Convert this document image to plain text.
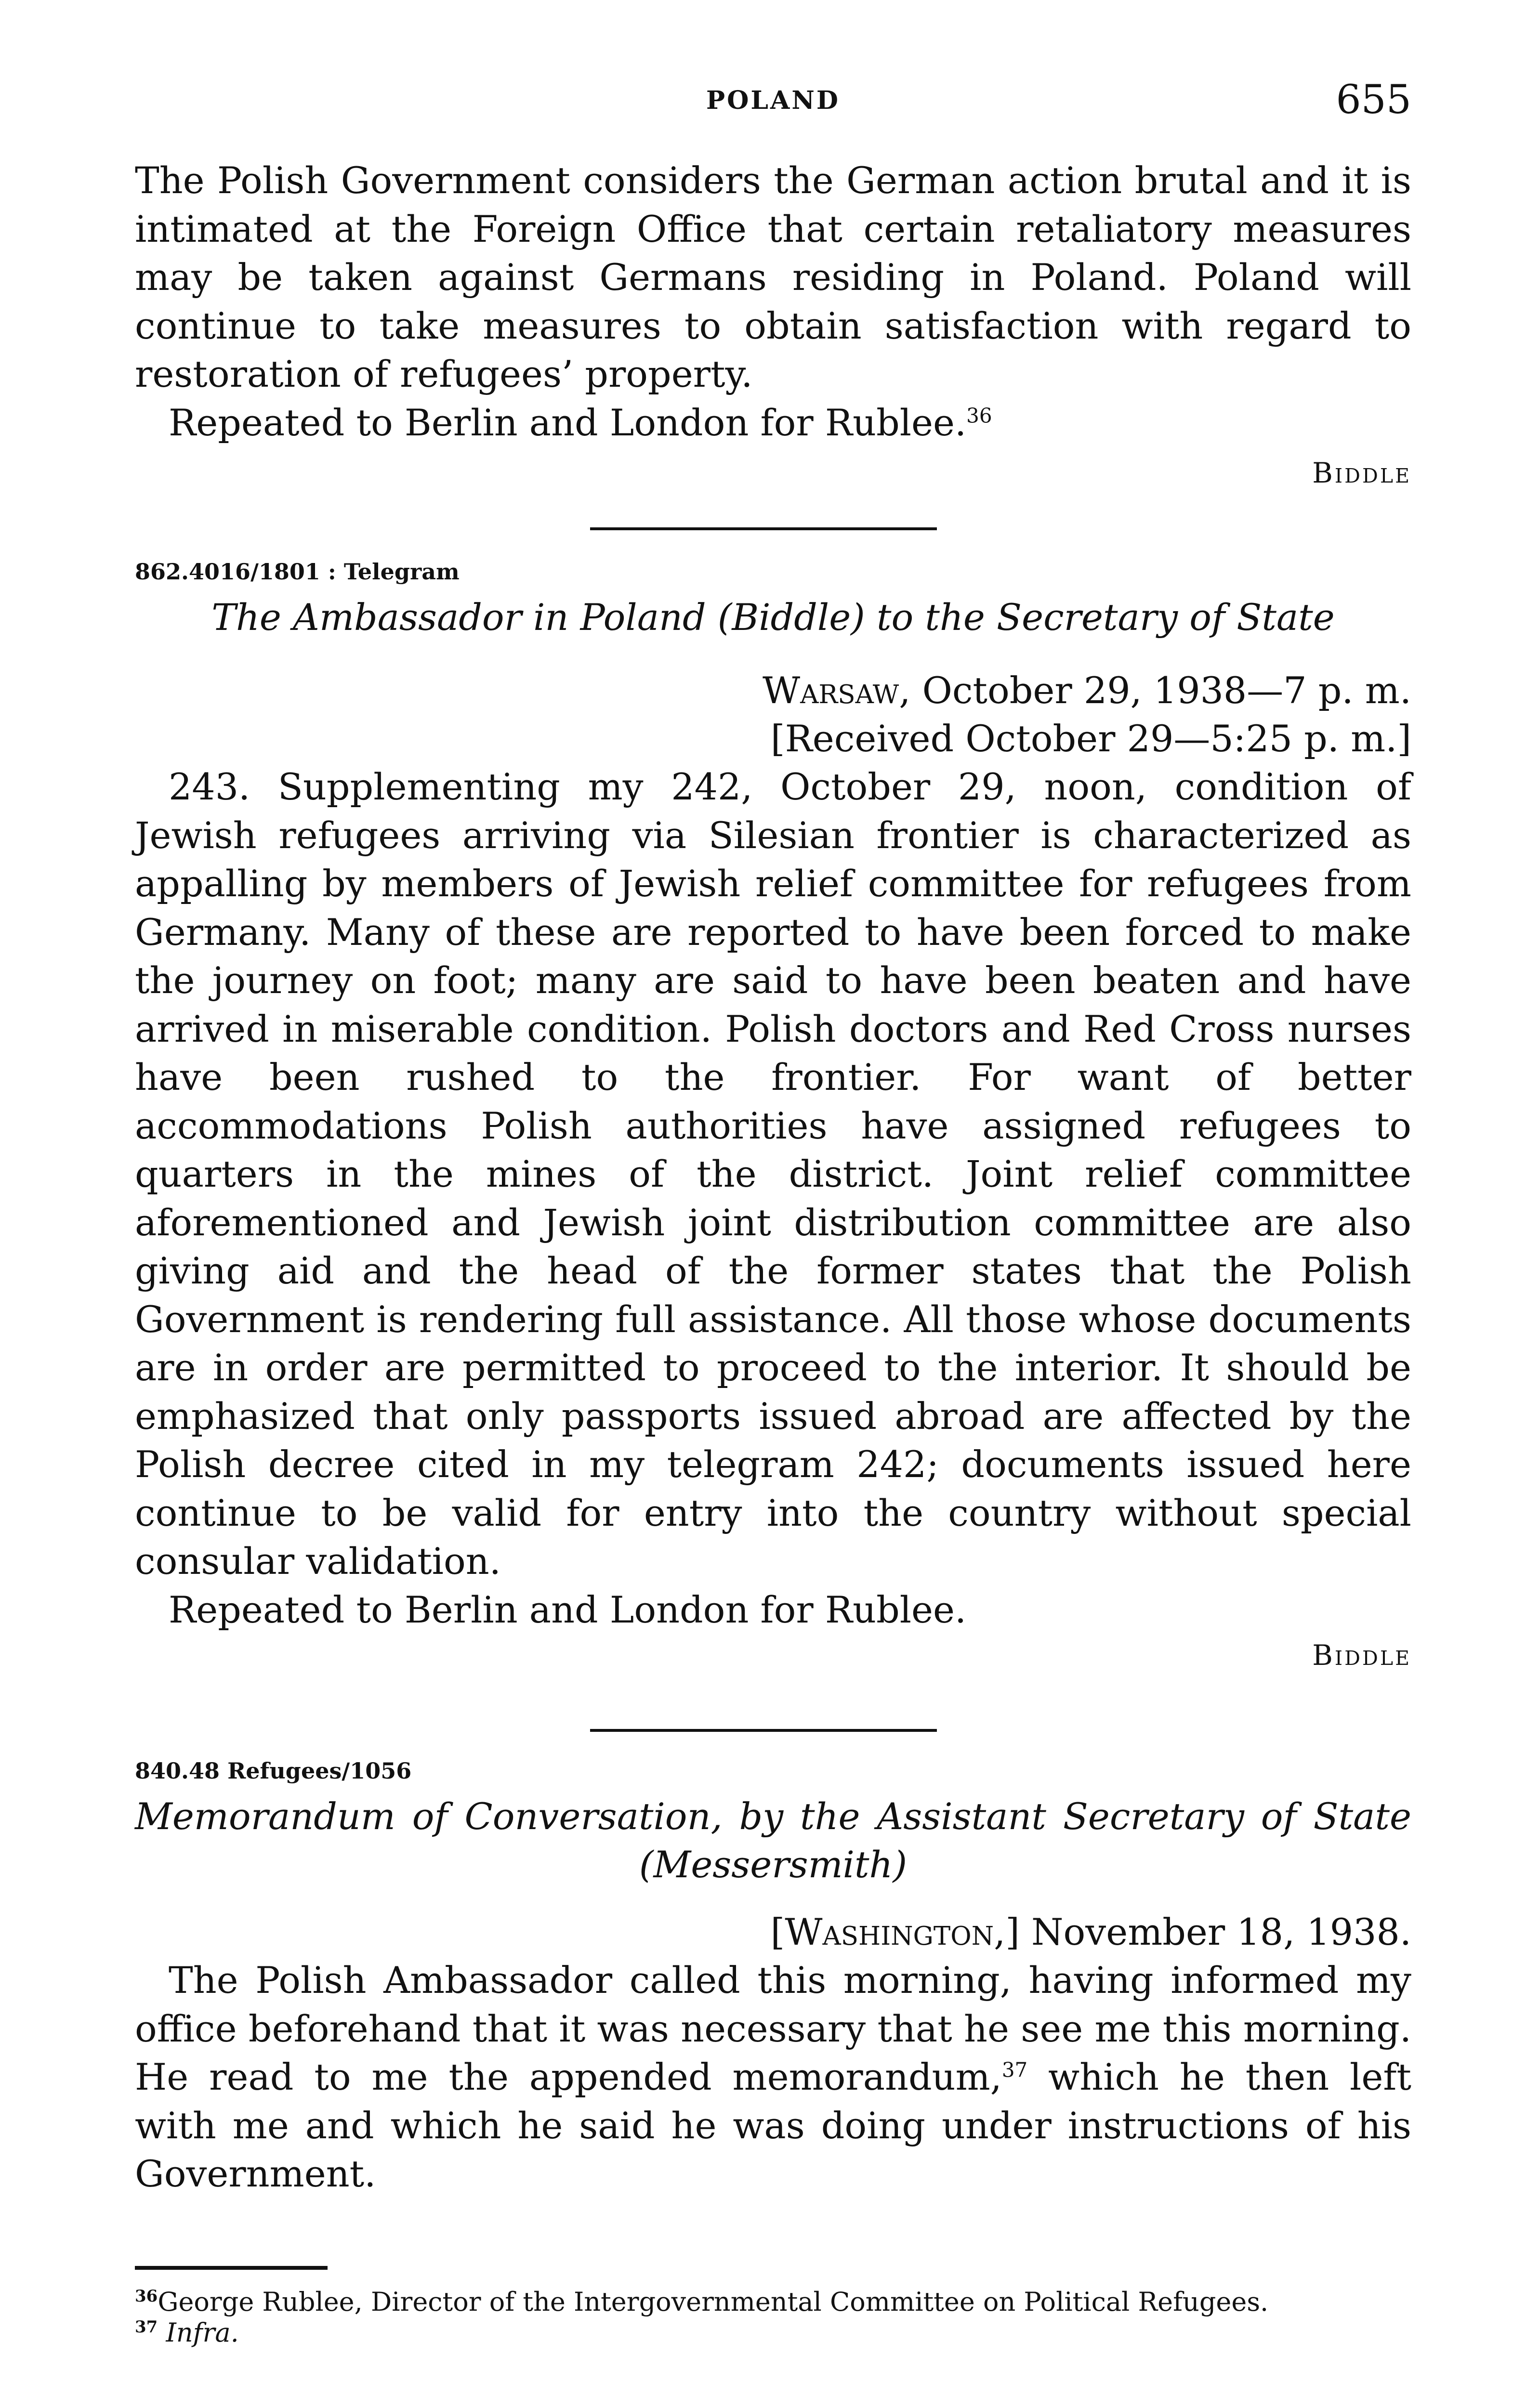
POLAND	655

The Polish Government considers the German action brutal and it is intimated at the Foreign Office that certain retaliatory measures may be taken against Germans residing in Poland. Poland will continue to take measures to obtain satisfaction with regard to restoration of refugees’ property.

Repeated to Berlin and London for Rublee.$^{36}$

Biddle

862.4016/1801 : Telegram

The Ambassador in Poland (Biddle) to the Secretary of State

Warsaw, October 29, 1938—7 p. m.

[Received October 29—5:25 p. m.]

243. Supplementing my 242, October 29, noon, condition of Jewish refugees arriving via Silesian frontier is characterized as appalling by members of Jewish relief committee for refugees from Germany. Many of these are reported to have been forced to make the journey on foot; many are said to have been beaten and have arrived in miserable condition. Polish doctors and Red Cross nurses have been rushed to the frontier. For want of better accommodations Polish authorities have assigned refugees to quarters in the mines of the district. Joint relief committee aforementioned and Jewish joint distribution committee are also giving aid and the head of the former states that the Polish Government is rendering full assistance. All those whose documents are in order are permitted to proceed to the interior. It should be emphasized that only passports issued abroad are affected by the Polish decree cited in my telegram 242; documents issued here continue to be valid for entry into the country without special consular validation.

Repeated to Berlin and London for Rublee.

Biddle

840.48 Refugees/1056

Memorandum of Conversation, by the Assistant Secretary of State

(Messersmith)

[Washington,] November 18, 1938.

The Polish Ambassador called this morning, having informed my office beforehand that it was necessary that he see me this morning. He read to me the appended memorandum,$^{37}$ which he then left with me and which he said he was doing under instructions of his Government.

$^{36}$George Rublee, Director of the Intergovernmental Committee on Political Refugees.

$^{37}$ Infra.
